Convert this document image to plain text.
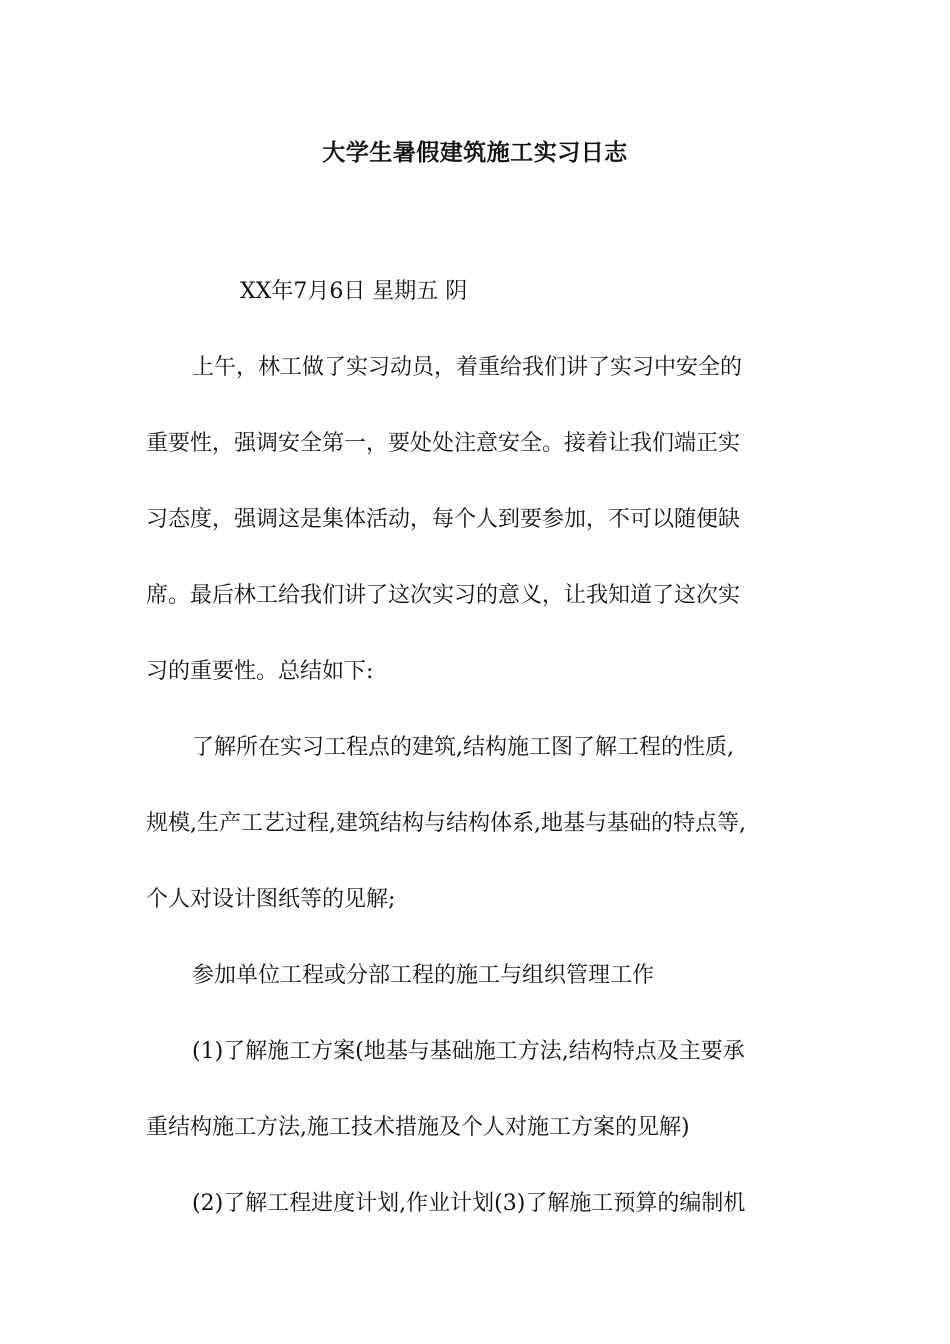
大学生暑假建筑施工实习日志
XX年7月6日 星期五 阴
上午，林工做了实习动员，着重给我们讲了实习中安全的
重要性，强调安全第一，要处处注意安全。接着让我们端正实
习态度，强调这是集体活动，每个人到要参加，不可以随便缺
席。最后林工给我们讲了这次实习的意义，让我知道了这次实
习的重要性。总结如下:
了解所在实习工程点的建筑,结构施工图了解工程的性质,
规模,生产工艺过程,建筑结构与结构体系,地基与基础的特点等,
个人对设计图纸等的见解;
参加单位工程或分部工程的施工与组织管理工作
(1)了解施工方案(地基与基础施工方法,结构特点及主要承
重结构施工方法,施工技术措施及个人对施工方案的见解)
(2)了解工程进度计划,作业计划(3)了解施工预算的编制机
